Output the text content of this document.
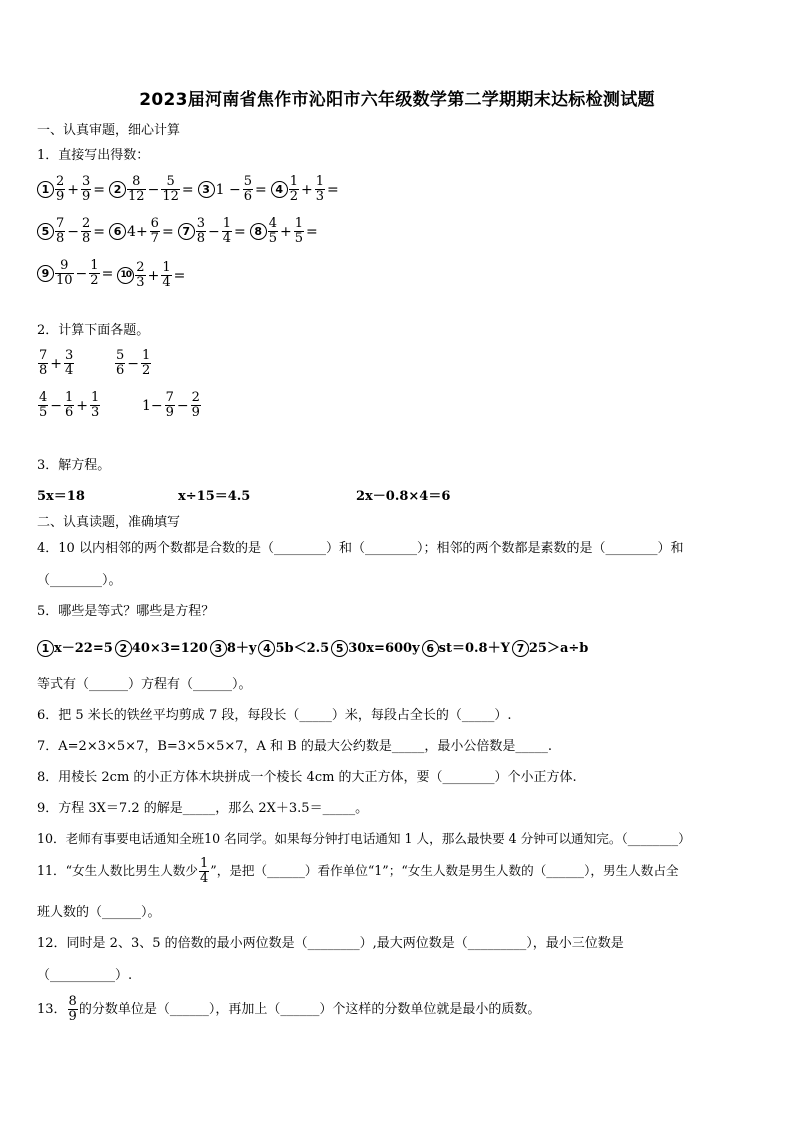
2023届河南省焦作市沁阳市六年级数学第二学期期末达标检测试题
一、认真审题，细心计算
1．直接写出得数：
$1 \frac{2}{9} + \frac{3}{9} = 2 \frac{8}{12} - \frac{5}{12} = 3$ $1 - \frac{5}{6} = 4 \frac{1}{2} + \frac{1}{3}$ =
$5 \frac{7}{8} - \frac{2}{8} = 6$ $4+ \frac{6}{7} = 7 \frac{3}{8} - \frac{1}{4} = 8 \frac{4}{5} + \frac{1}{5}$ =
$9 \frac{9}{10} - \frac{1}{2} = 10 \frac{2}{3} + \frac{1}{4}$ =
2．计算下面各题。
$\frac{7}{8} + \frac{3}{4}$	$\frac{5}{6} - \frac{1}{2}$
$\frac{4}{5} - \frac{1}{6} + \frac{1}{3}$	$1- \frac{7}{9} - \frac{2}{9}$
3．解方程。
5x＝18	x÷15＝4.5	2x－0.8×4＝6
二、认真读题，准确填写
4．10 以内相邻的两个数都是合数的是（________）和（________）；相邻的两个数都是素数的是（________）和
（________）。
5．哪些是等式？哪些是方程？
1 x－22=5 2 40×3=120 3 8＋y 4 5b＜2.5 5 30x=600y 6 st＝0.8＋Y 7 25＞a÷b
等式有（______）方程有（______）。
6．把 5 米长的铁丝平均剪成 7 段，每段长（_____）米，每段占全长的（_____）.
7．A=2×3×5×7，B=3×5×5×7，A 和 B 的最大公约数是_____，最小公倍数是_____.
8．用棱长 2cm 的小正方体木块拼成一个棱长 4cm 的大正方体，要（________）个小正方体.
9．方程 3X＝7.2 的解是_____，那么 2X＋3.5＝_____。
10．老师有事要电话通知全班10 名同学。如果每分钟打电话通知 1 人，那么最快要 4 分钟可以通知完。（________）
11．“女生人数比男生人数少 $\frac{1}{4}$ ”，是把（______）看作单位“1”；“女生人数是男生人数的（______），男生人数占全
班人数的（______）。
12．同时是 2、3、5 的倍数的最小两位数是（________）,最大两位数是（_________），最小三位数是
（__________）.
13． $\frac{8}{9}$ 的分数单位是（______），再加上（______）个这样的分数单位就是最小的质数。
